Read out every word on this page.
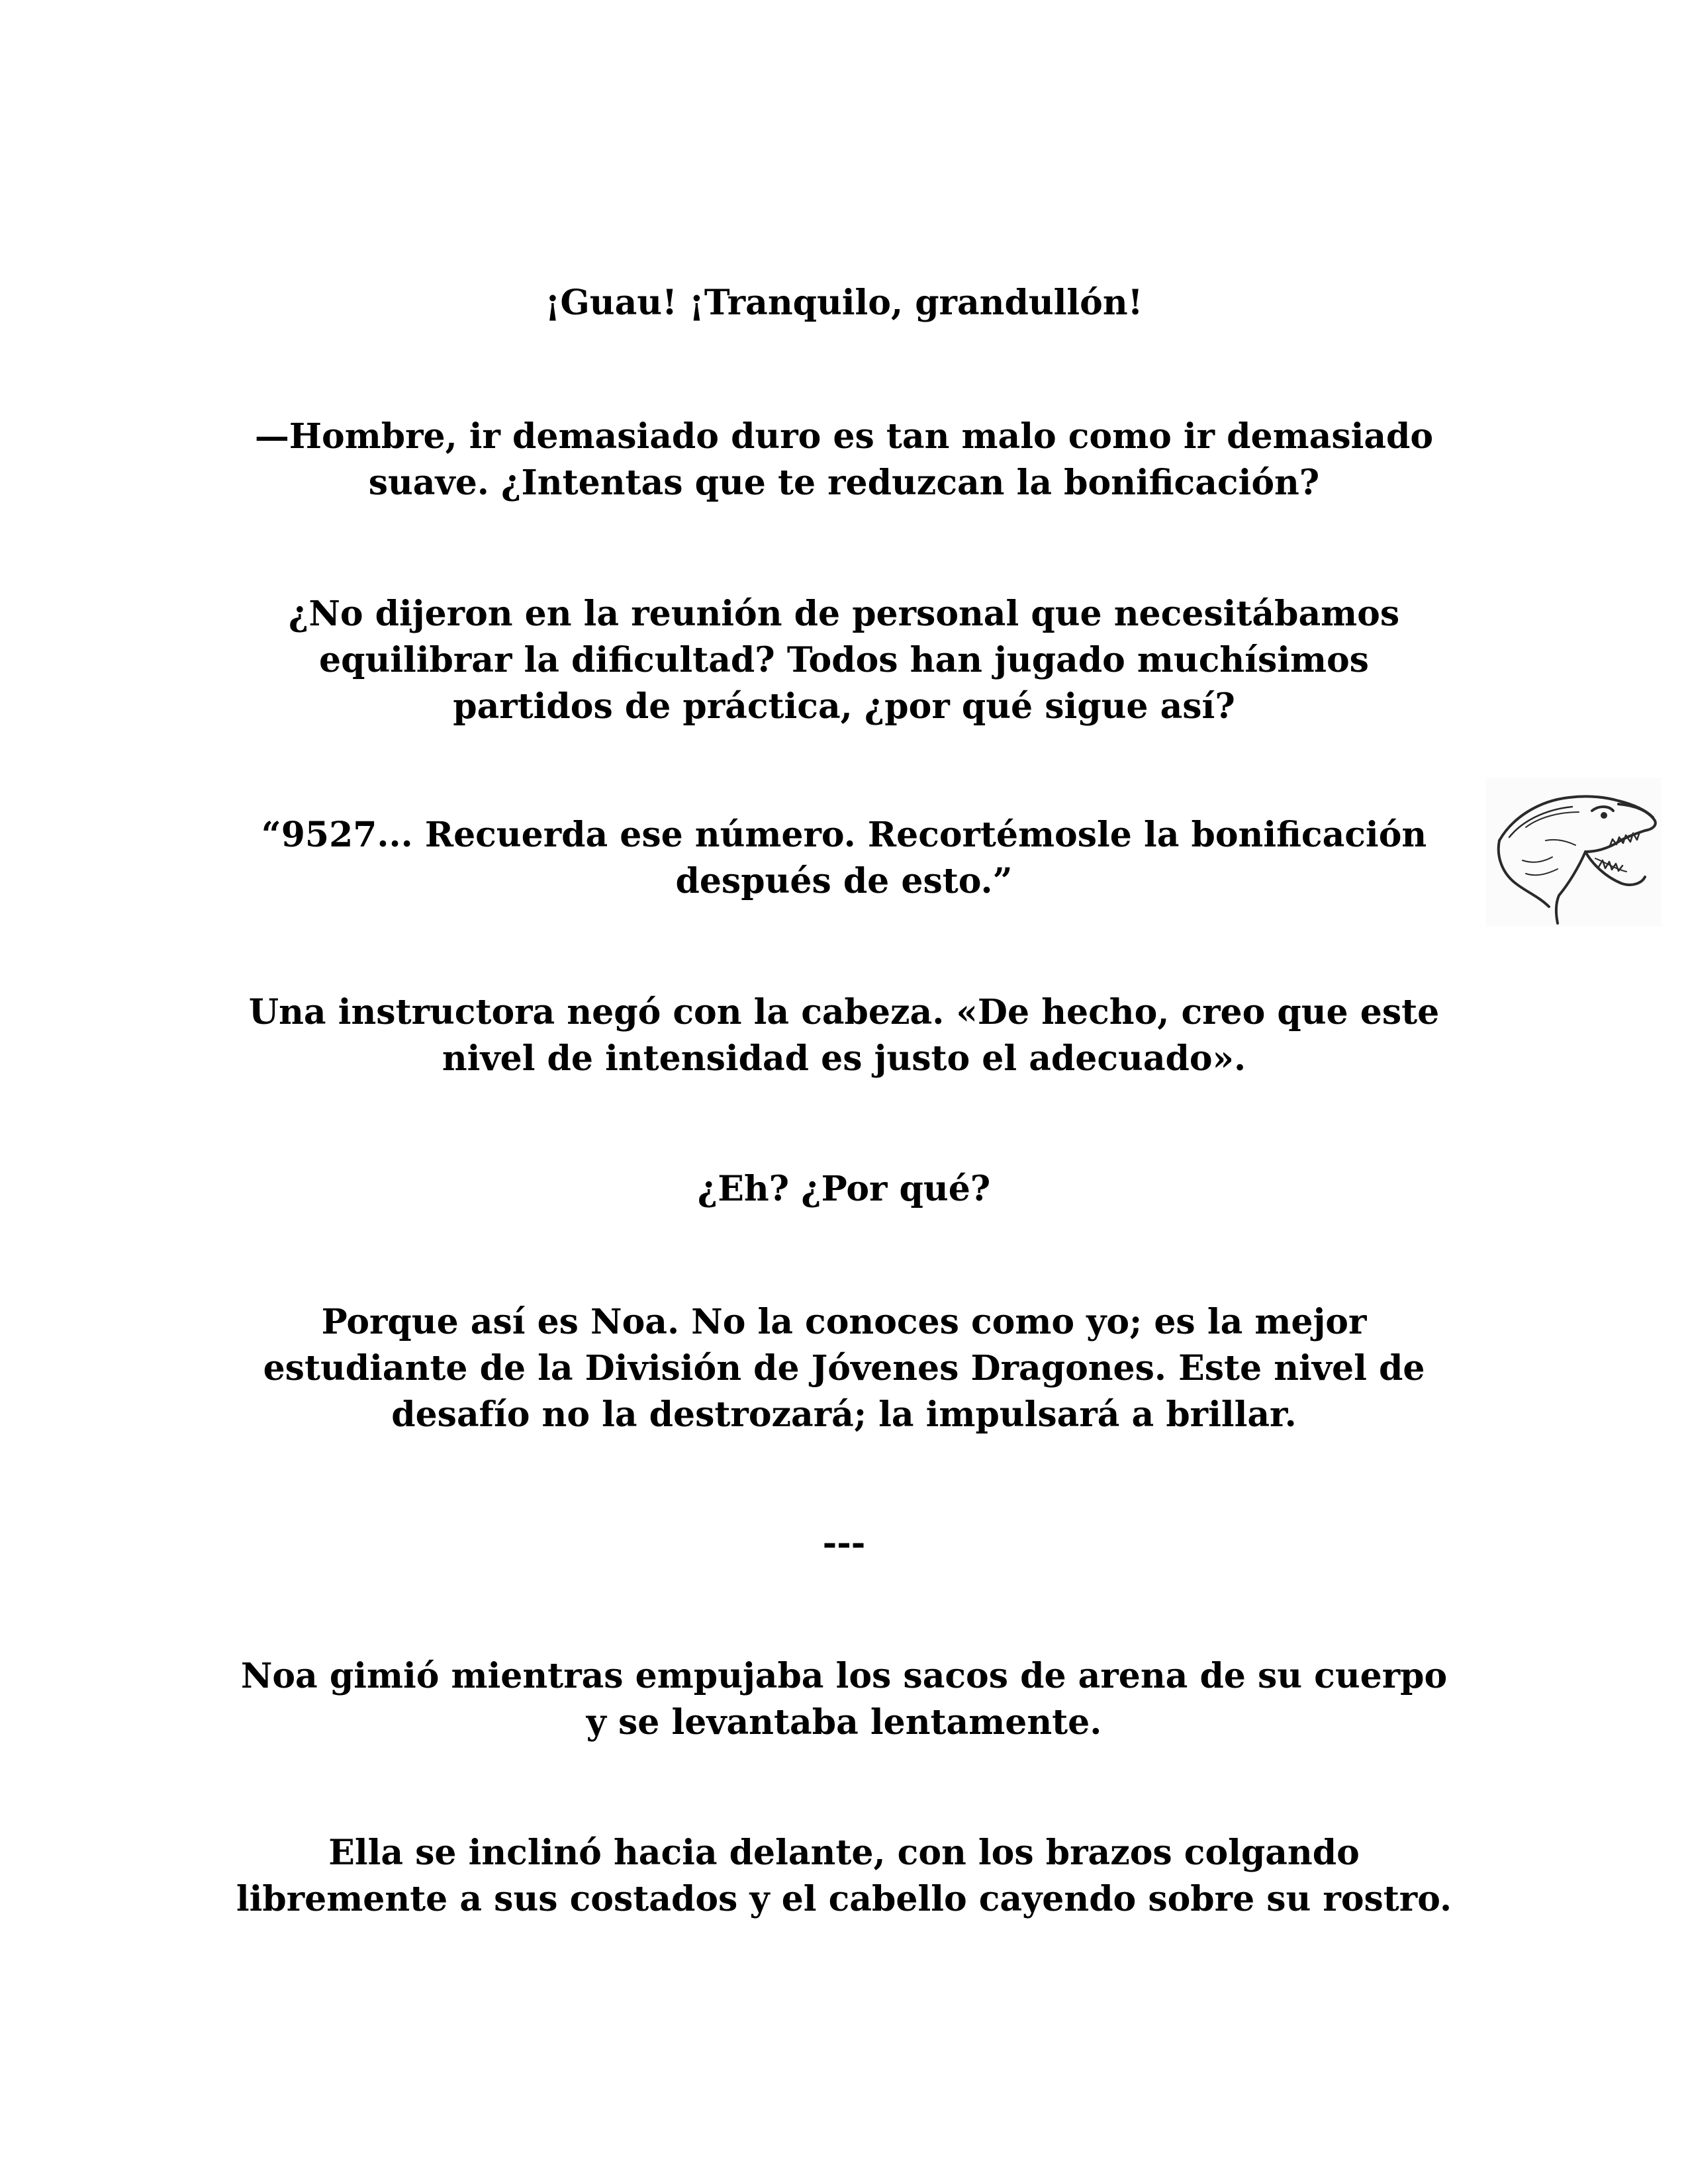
¡Guau! ¡Tranquilo, grandullón!
—Hombre, ir demasiado duro es tan malo como ir demasiado
suave. ¿Intentas que te reduzcan la bonificación?
¿No dijeron en la reunión de personal que necesitábamos
equilibrar la dificultad? Todos han jugado muchísimos
partidos de práctica, ¿por qué sigue así?
“9527... Recuerda ese número. Recortémosle la bonificación
después de esto.”
Una instructora negó con la cabeza. «De hecho, creo que este
nivel de intensidad es justo el adecuado».
¿Eh? ¿Por qué?
Porque así es Noa. No la conoces como yo; es la mejor
estudiante de la División de Jóvenes Dragones. Este nivel de
desafío no la destrozará; la impulsará a brillar.
---
Noa gimió mientras empujaba los sacos de arena de su cuerpo
y se levantaba lentamente.
Ella se inclinó hacia delante, con los brazos colgando
libremente a sus costados y el cabello cayendo sobre su rostro.
